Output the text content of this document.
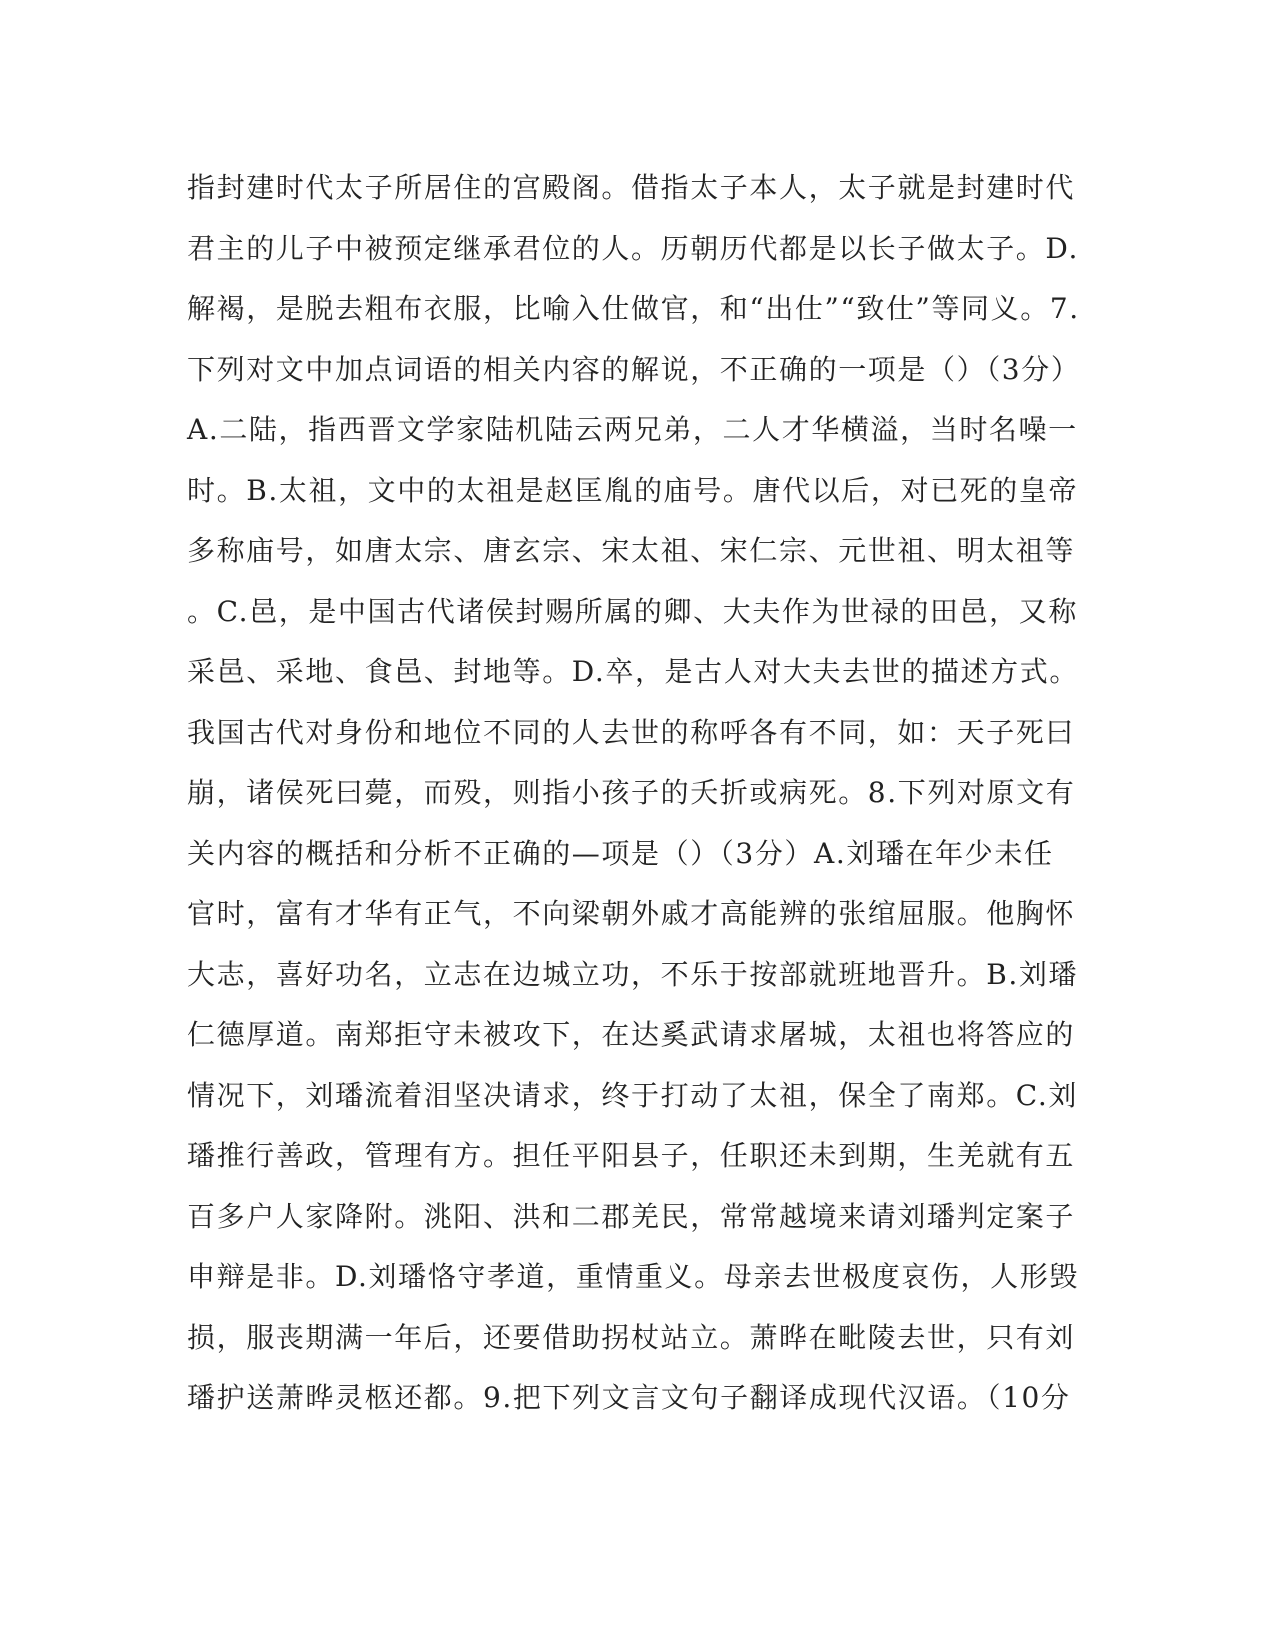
指封建时代太子所居住的宫殿阁。借指太子本人，太子就是封建时代
君主的儿子中被预定继承君位的人。历朝历代都是以长子做太子。D.
解褐，是脱去粗布衣服，比喻入仕做官，和“出仕”“致仕”等同义。7.
下列对文中加点词语的相关内容的解说，不正确的一项是（）（3分）
A.二陆，指西晋文学家陆机陆云两兄弟，二人才华横溢，当时名噪一
时。B.太祖，文中的太祖是赵匡胤的庙号。唐代以后，对已死的皇帝
多称庙号，如唐太宗、唐玄宗、宋太祖、宋仁宗、元世祖、明太祖等
。C.邑，是中国古代诸侯封赐所属的卿、大夫作为世禄的田邑，又称
采邑、采地、食邑、封地等。D.卒，是古人对大夫去世的描述方式。
我国古代对身份和地位不同的人去世的称呼各有不同，如：天子死曰
崩，诸侯死曰薨，而殁，则指小孩子的夭折或病死。8.下列对原文有
关内容的概括和分析不正确的—项是（）（3分）A.刘璠在年少未任
官时，富有才华有正气，不向梁朝外戚才高能辨的张绾屈服。他胸怀
大志，喜好功名，立志在边城立功，不乐于按部就班地晋升。B.刘璠
仁德厚道。南郑拒守未被攻下，在达奚武请求屠城，太祖也将答应的
情况下，刘璠流着泪坚决请求，终于打动了太祖，保全了南郑。C.刘
璠推行善政，管理有方。担任平阳县子，任职还未到期，生羌就有五
百多户人家降附。洮阳、洪和二郡羌民，常常越境来请刘璠判定案子
申辩是非。D.刘璠恪守孝道，重情重义。母亲去世极度哀伤，人形毁
损，服丧期满一年后，还要借助拐杖站立。萧晔在毗陵去世，只有刘
璠护送萧晔灵柩还都。9.把下列文言文句子翻译成现代汉语。（10分
